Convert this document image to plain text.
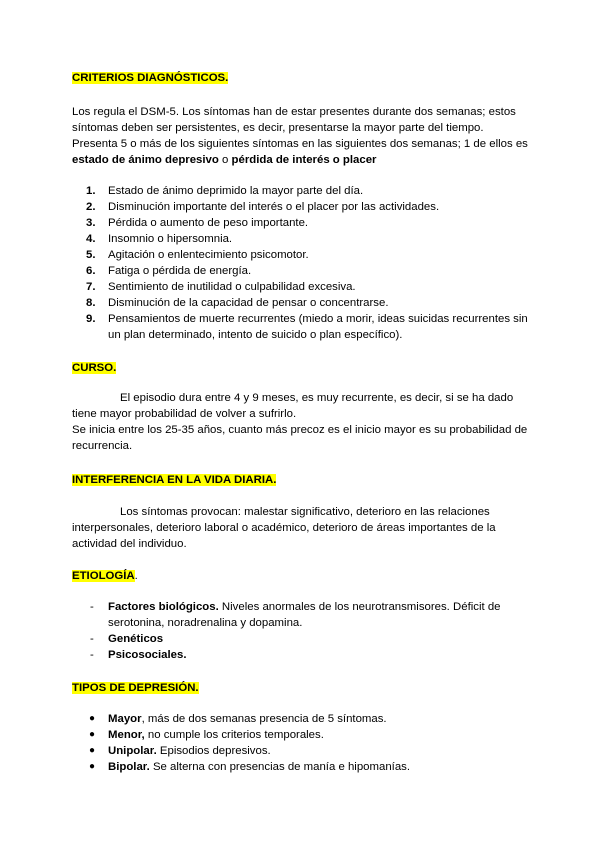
CRITERIOS DIAGNÓSTICOS.
Los regula el DSM-5. Los síntomas han de estar presentes durante dos semanas; estos síntomas deben ser persistentes, es decir, presentarse la mayor parte del tiempo. Presenta 5 o más de los siguientes síntomas en las siguientes dos semanas; 1 de ellos es estado de ánimo depresivo o pérdida de interés o placer
1.	Estado de ánimo deprimido la mayor parte del día.
2.	Disminución importante del interés o el placer por las actividades.
3.	Pérdida o aumento de peso importante.
4.	Insomnio o hipersomnia.
5.	Agitación o enlentecimiento psicomotor.
6.	Fatiga o pérdida de energía.
7.	Sentimiento de inutilidad o culpabilidad excesiva.
8.	Disminución de la capacidad de pensar o concentrarse.
9.	Pensamientos de muerte recurrentes (miedo a morir, ideas suicidas recurrentes sin un plan determinado, intento de suicido o plan específico).
CURSO.
El episodio dura entre 4 y 9 meses, es muy recurrente, es decir, si se ha dado tiene mayor probabilidad de volver a sufrirlo.
Se inicia entre los 25-35 años, cuanto más precoz es el inicio mayor es su probabilidad de recurrencia.
INTERFERENCIA EN LA VIDA DIARIA.
Los síntomas provocan: malestar significativo, deterioro en las relaciones interpersonales, deterioro laboral o académico, deterioro de áreas importantes de la actividad del individuo.
ETIOLOGÍA.
- Factores biológicos. Niveles anormales de los neurotransmisores. Déficit de serotonina, noradrenalina y dopamina.
- Genéticos
- Psicosociales.
TIPOS DE DEPRESIÓN.
● Mayor, más de dos semanas presencia de 5 síntomas.
● Menor, no cumple los criterios temporales.
● Unipolar. Episodios depresivos.
● Bipolar. Se alterna con presencias de manía e hipomanías.
